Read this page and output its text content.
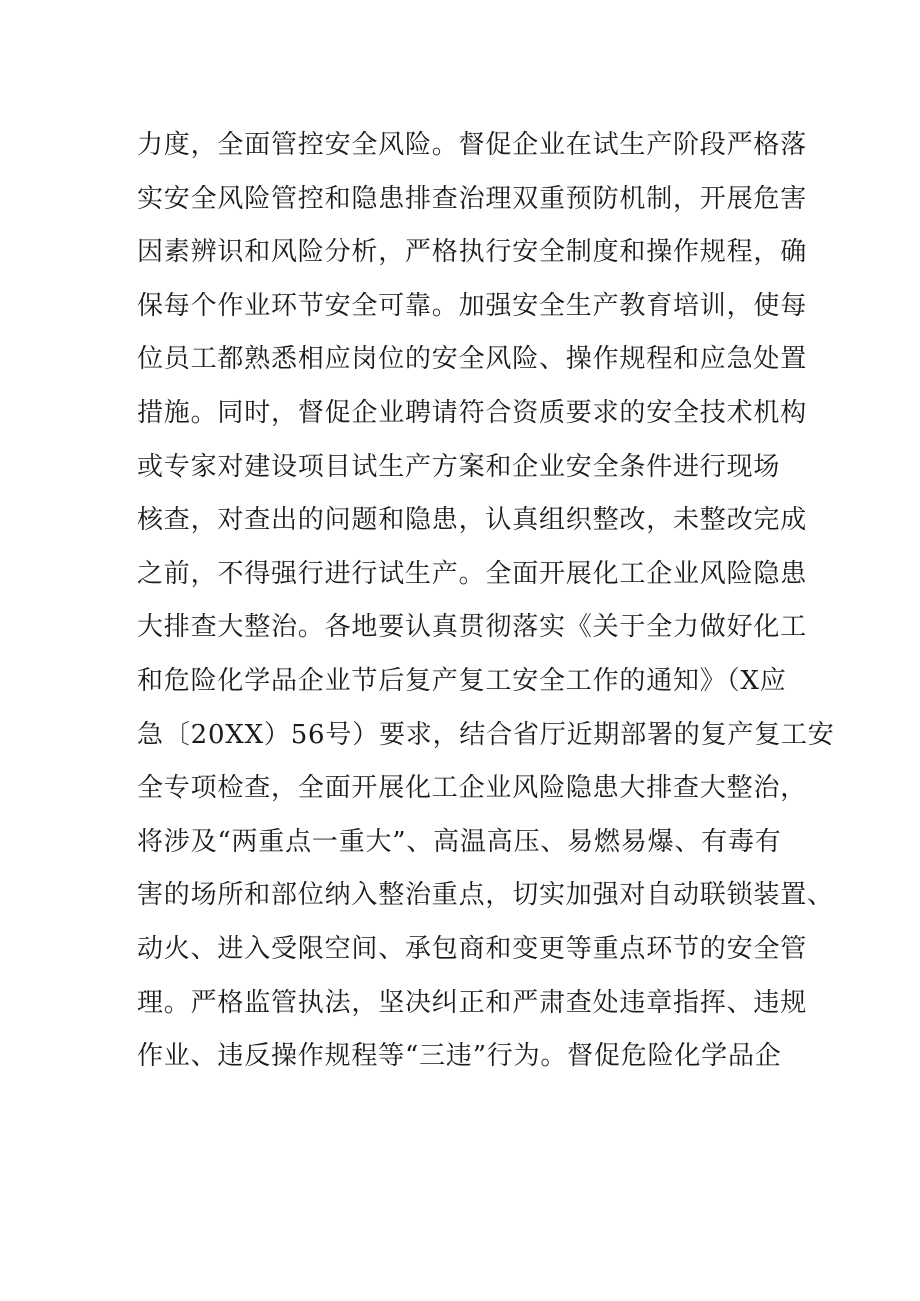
力度，全面管控安全风险。督促企业在试生产阶段严格落
实安全风险管控和隐患排查治理双重预防机制，开展危害
因素辨识和风险分析，严格执行安全制度和操作规程，确
保每个作业环节安全可靠。加强安全生产教育培训，使每
位员工都熟悉相应岗位的安全风险、操作规程和应急处置
措施。同时，督促企业聘请符合资质要求的安全技术机构
或专家对建设项目试生产方案和企业安全条件进行现场
核查，对查出的问题和隐患，认真组织整改，未整改完成
之前，不得强行进行试生产。全面开展化工企业风险隐患
大排查大整治。各地要认真贯彻落实《关于全力做好化工
和危险化学品企业节后复产复工安全工作的通知》（X应
急〔20XX）56号）要求，结合省厅近期部署的复产复工安
全专项检查，全面开展化工企业风险隐患大排查大整治，
将涉及“两重点一重大”、高温高压、易燃易爆、有毒有
害的场所和部位纳入整治重点，切实加强对自动联锁装置、
动火、进入受限空间、承包商和变更等重点环节的安全管
理。严格监管执法，坚决纠正和严肃查处违章指挥、违规
作业、违反操作规程等“三违”行为。督促危险化学品企
